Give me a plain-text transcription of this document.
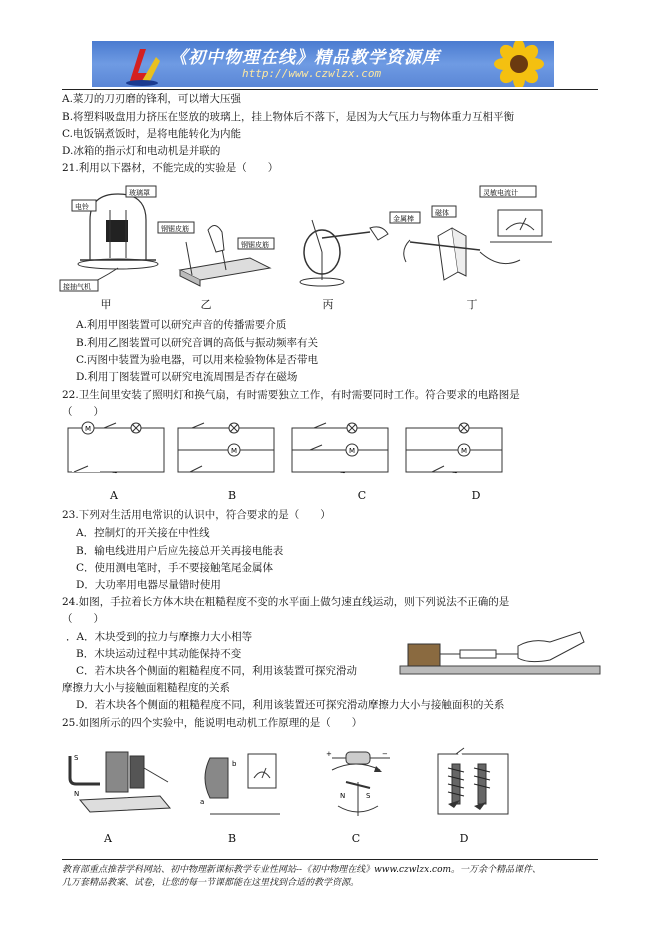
《初中物理在线》精品教学资源库
http://www.czwlzx.com
A.菜刀的刀刃磨的锋利，可以增大压强
B.将塑料吸盘用力挤压在竖放的玻璃上，挂上物体后不落下，是因为大气压力与物体重力互相平衡
C.电饭锅煮饭时，是将电能转化为内能
D.冰箱的指示灯和电动机是并联的
21.利用以下器材，不能完成的实验是（　　）
电铃
玻璃罩
接抽气机
钢锯皮筋
钢锯皮筋
金属棒
磁体
灵敏电流计
甲	乙	丙	丁
A.利用甲图装置可以研究声音的传播需要介质
B.利用乙图装置可以研究音调的高低与振动频率有关
C.丙图中装置为验电器，可以用来检验物体是否带电
D.利用丁图装置可以研究电流周围是否存在磁场
22.卫生间里安装了照明灯和换气扇，有时需要独立工作，有时需要同时工作。符合要求的电路图是
（　　）
M
~
M	M
~
M
~
A	B	C	D
23.下列对生活用电常识的认识中，符合要求的是（　　）
A．控制灯的开关接在中性线
B．输电线进用户后应先接总开关再接电能表
C．使用测电笔时，手不要接触笔尾金属体
D．大功率用电器尽量错时使用
24.如图，手拉着长方体木块在粗糙程度不变的水平面上做匀速直线运动，则下列说法不正确的是
（　　）
．A．木块受到的拉力与摩擦力大小相等
B．木块运动过程中其动能保持不变
C．若木块各个侧面的粗糙程度不同，利用该装置可探究滑动
摩擦力大小与接触面粗糙程度的关系
D．若木块各个侧面的粗糙程度不同，利用该装置还可探究滑动摩擦力大小与接触面积的关系
25.如图所示的四个实验中，能说明电动机工作原理的是（　　）
S
N
b
a
+	−
N	S
A	B	C	D
教育部重点推荐学科网站、初中物理新课标教学专业性网站--《初中物理在线》www.czwlzx.com。一万余个精品课件、
几万套精品教案、试卷，让您的每一节课都能在这里找到合适的教学资源。
